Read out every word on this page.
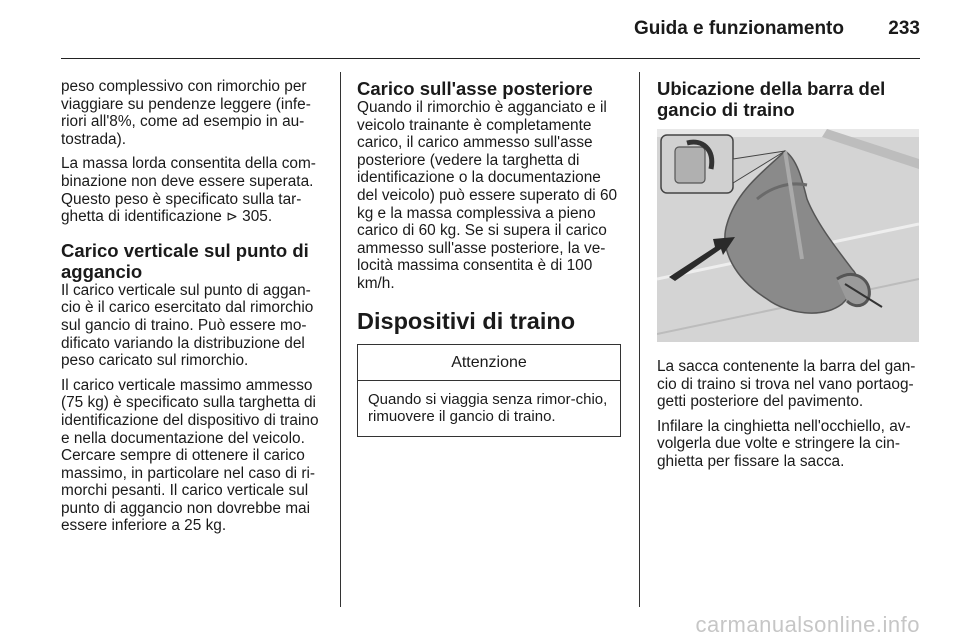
Guida e funzionamento 233

peso complessivo con rimorchio per viaggiare su pendenze leggere (infe-riori all'8%, come ad esempio in au-tostrada).

La massa lorda consentita della com-binazione non deve essere superata. Questo peso è specificato sulla tar-ghetta di identificazione ⊳ 305.

Carico verticale sul punto di aggancio

Il carico verticale sul punto di aggan-cio è il carico esercitato dal rimorchio sul gancio di traino. Può essere mo-dificato variando la distribuzione del peso caricato sul rimorchio.

Il carico verticale massimo ammesso (75 kg) è specificato sulla targhetta di identificazione del dispositivo di traino e nella documentazione del veicolo. Cercare sempre di ottenere il carico massimo, in particolare nel caso di ri-morchi pesanti. Il carico verticale sul punto di aggancio non dovrebbe mai essere inferiore a 25 kg.

Carico sull'asse posteriore

Quando il rimorchio è agganciato e il veicolo trainante è completamente carico, il carico ammesso sull'asse posteriore (vedere la targhetta di identificazione o la documentazione del veicolo) può essere superato di 60 kg e la massa complessiva a pieno carico di 60 kg. Se si supera il carico ammesso sull'asse posteriore, la ve-locità massima consentita è di 100 km/h.

Dispositivi di traino
Attenzione
Quando si viaggia senza rimor-chio, rimuovere il gancio di traino.
Ubicazione della barra del gancio di traino

La sacca contenente la barra del gan-cio di traino si trova nel vano portaog-getti posteriore del pavimento.

Infilare la cinghietta nell'occhiello, av-volgerla due volte e stringere la cin-ghietta per fissare la sacca.

carmanualsonline.info
